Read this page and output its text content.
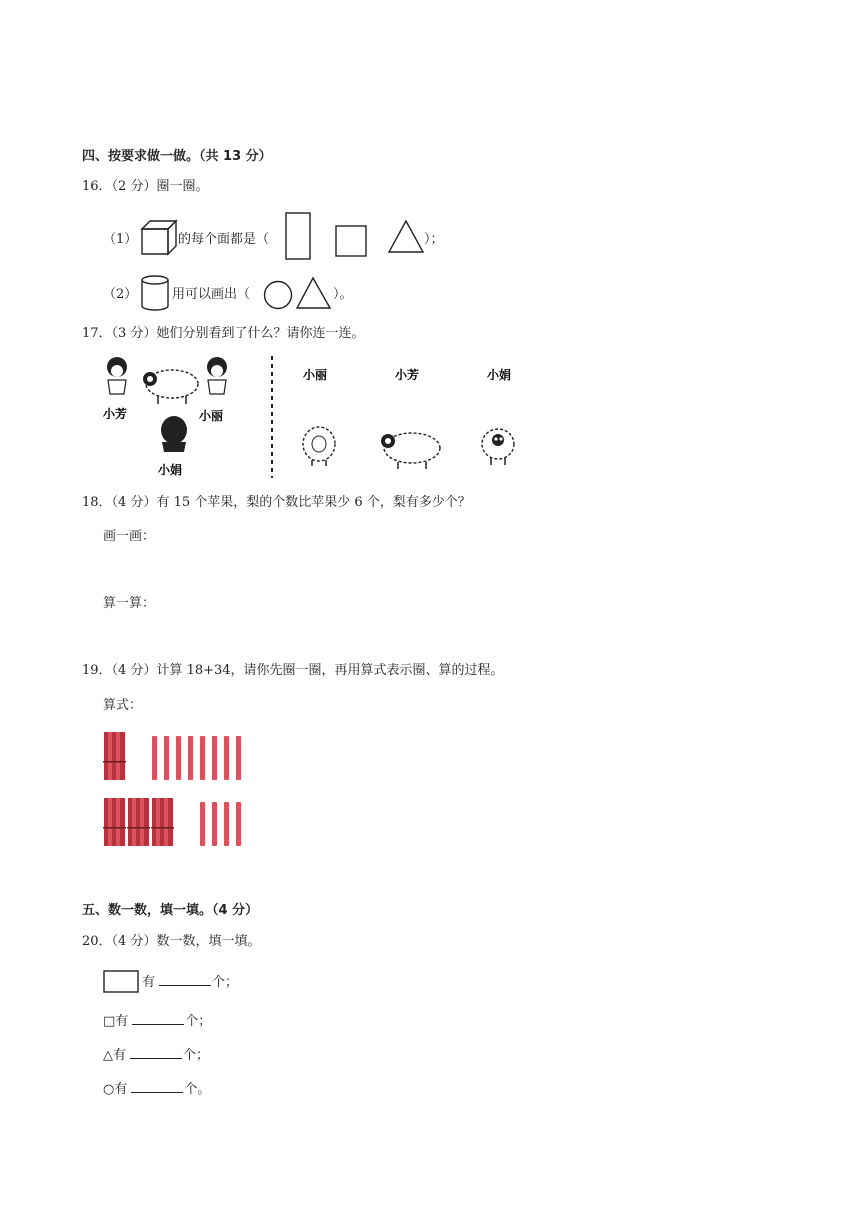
四、按要求做一做。（共 13 分）
16．（2 分）圈一圈。
（1）	的每个面都是（	）；
（2）	用可以画出（	）。
17．（3 分）她们分别看到了什么？请你连一连。
小芳	小丽
小娟
小丽	小芳	小娟
18．（4 分）有 15 个苹果，梨的个数比苹果少 6 个，梨有多少个？
画一画：
算一算：
19．（4 分）计算 18+34，请你先圈一圈，再用算式表示圈、算的过程。
算式：
五、数一数，填一填。（4 分）
20．（4 分）数一数，填一填。
有	个；
□有	个；
△有	个；
○有	个。
